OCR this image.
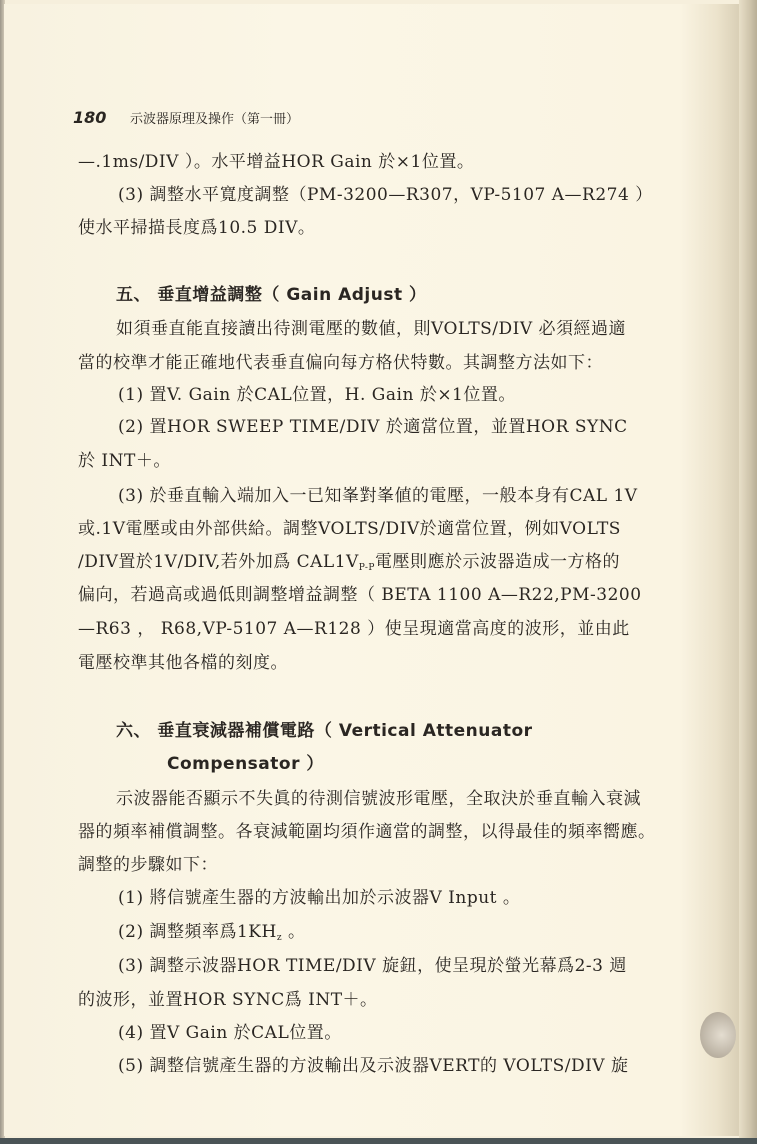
180 示波器原理及操作（第一冊）
—.1ms/DIV ）。水平增益HOR Gain 於×1位置。
(3) 調整水平寬度調整（PM-3200—R307，VP-5107 A—R274 ）
使水平掃描長度爲10.5 DIV。
五、 垂直增益調整（ Gain Adjust ）
如須垂直能直接讀出待測電壓的數値，則VOLTS/DIV 必須經過適
當的校準才能正確地代表垂直偏向每方格伏特數。其調整方法如下：
(1) 置V. Gain 於CAL位置，H. Gain 於×1位置。
(2) 置HOR SWEEP TIME/DIV 於適當位置，並置HOR SYNC
於 INT＋。
(3) 於垂直輸入端加入一已知峯對峯値的電壓，一般本身有CAL 1V
或.1V電壓或由外部供給。調整VOLTS/DIV於適當位置，例如VOLTS
/DIV置於1V/DIV,若外加爲 $CAL1V_{P-P}$電壓則應於示波器造成一方格的
偏向，若過高或過低則調整增益調整（ BETA 1100 A—R22,PM-3200
—R63 ， R68,VP-5107 A—R128 ）使呈現適當高度的波形，並由此
電壓校準其他各檔的刻度。
六、 垂直衰減器補償電路（ Vertical Attenuator
Compensator ）
示波器能否顯示不失眞的待測信號波形電壓，全取決於垂直輸入衰減
器的頻率補償調整。各衰減範圍均須作適當的調整，以得最佳的頻率嚮應。
調整的步驟如下：
(1) 將信號產生器的方波輸出加於示波器V Input 。
(2) 調整頻率爲$1KH_z$ 。
(3) 調整示波器HOR TIME/DIV 旋鈕，使呈現於螢光幕爲2-3 週
的波形，並置HOR SYNC爲 INT＋。
(4) 置V Gain 於CAL位置。
(5) 調整信號產生器的方波輸出及示波器VERT的 VOLTS/DIV 旋
